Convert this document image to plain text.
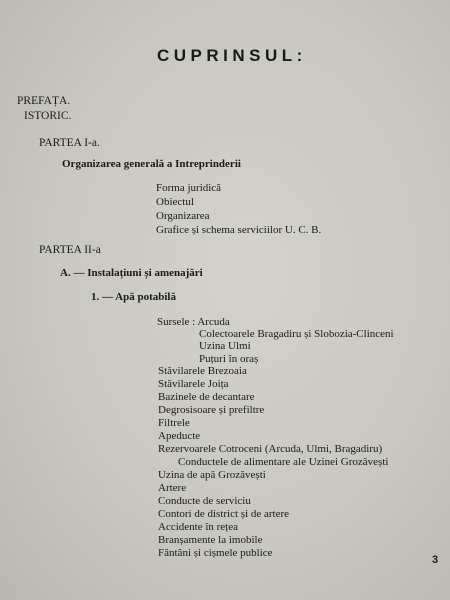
CUPRINSUL:
PREFAȚA.
ISTORIC.
PARTEA I-a.
Organizarea generală a Intreprinderii
Forma juridică
Obiectul
Organizarea
Grafice și schema serviciilor U. C. B.
PARTEA II-a
A. — Instalațiuni și amenajări
1. — Apă potabilă
Sursele : Arcuda
Colectoarele Bragadiru și Slobozia-Clinceni
Uzina Ulmi
Puțuri în oraș
Stăvilarele Brezoaia
Stăvilarele Joița
Bazinele de decantare
Degrosisoare și prefiltre
Filtrele
Apeducte
Rezervoarele Cotroceni (Arcuda, Ulmi, Bragadiru)
Conductele de alimentare ale Uzinei Grozăvești
Uzina de apă Grozăvești
Artere
Conducte de serviciu
Contori de district și de artere
Accidente în rețea
Branșamente la imobile
Fântâni și cișmele publice
3
